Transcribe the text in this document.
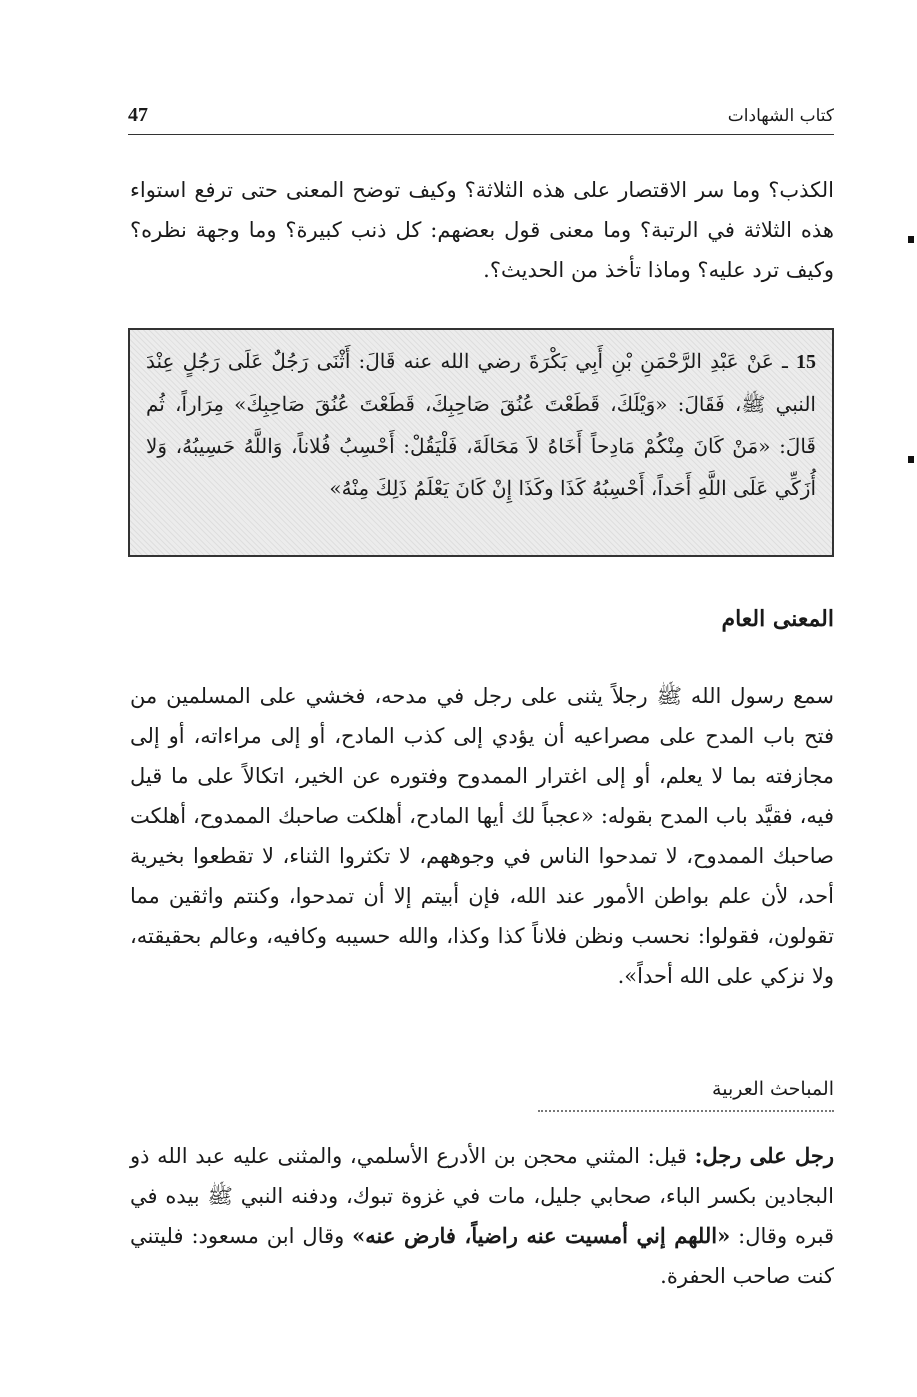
47	كتاب الشهادات

الكذب؟ وما سر الاقتصار على هذه الثلاثة؟ وكيف توضح المعنى حتى ترفع استواء هذه الثلاثة في الرتبة؟ وما معنى قول بعضهم: كل ذنب كبيرة؟ وما وجهة نظره؟ وكيف ترد عليه؟ وماذا تأخذ من الحديث؟.

15 ـ عَنْ عَبْدِ الرَّحْمَنِ بْنِ أَبِي بَكْرَةَ رضي الله عنه قَالَ: أَثْنَى رَجُلٌ عَلَى رَجُلٍ عِنْدَ النبي ﷺ، فَقَالَ: «وَيْلَكَ، قَطَعْتَ عُنُقَ صَاحِبِكَ، قَطَعْتَ عُنُقَ صَاحِبِكَ» مِرَاراً، ثُم قَالَ: «مَنْ كَانَ مِنْكُمْ مَادِحاً أَخَاهُ لاَ مَحَالَةَ، فَلْيَقُلْ: أَحْسِبُ فُلاناً، وَاللَّهُ حَسِيبُهُ، وَلا أُزَكِّي عَلَى اللَّهِ أَحَداً، أَحْسِبُهُ كَذَا وكَذَا إِنْ كَانَ يَعْلَمُ ذَلِكَ مِنْهُ»

المعنى العام

سمع رسول الله ﷺ رجلاً يثنى على رجل في مدحه، فخشي على المسلمين من فتح باب المدح على مصراعيه أن يؤدي إلى كذب المادح، أو إلى مراءاته، أو إلى مجازفته بما لا يعلم، أو إلى اغترار الممدوح وفتوره عن الخير، اتكالاً على ما قيل فيه، فقيَّد باب المدح بقوله: «عجباً لك أيها المادح، أهلكت صاحبك الممدوح، أهلكت صاحبك الممدوح، لا تمدحوا الناس في وجوههم، لا تكثروا الثناء، لا تقطعوا بخيرية أحد، لأن علم بواطن الأمور عند الله، فإن أبيتم إلا أن تمدحوا، وكنتم واثقين مما تقولون، فقولوا: نحسب ونظن فلاناً كذا وكذا، والله حسيبه وكافيه، وعالم بحقيقته، ولا نزكي على الله أحداً».

المباحث العربية

رجل على رجل: قيل: المثني محجن بن الأدرع الأسلمي، والمثنى عليه عبد الله ذو البجادين بكسر الباء، صحابي جليل، مات في غزوة تبوك، ودفنه النبي ﷺ بيده في قبره وقال: «اللهم إني أمسيت عنه راضياً، فارض عنه» وقال ابن مسعود: فليتني كنت صاحب الحفرة.
